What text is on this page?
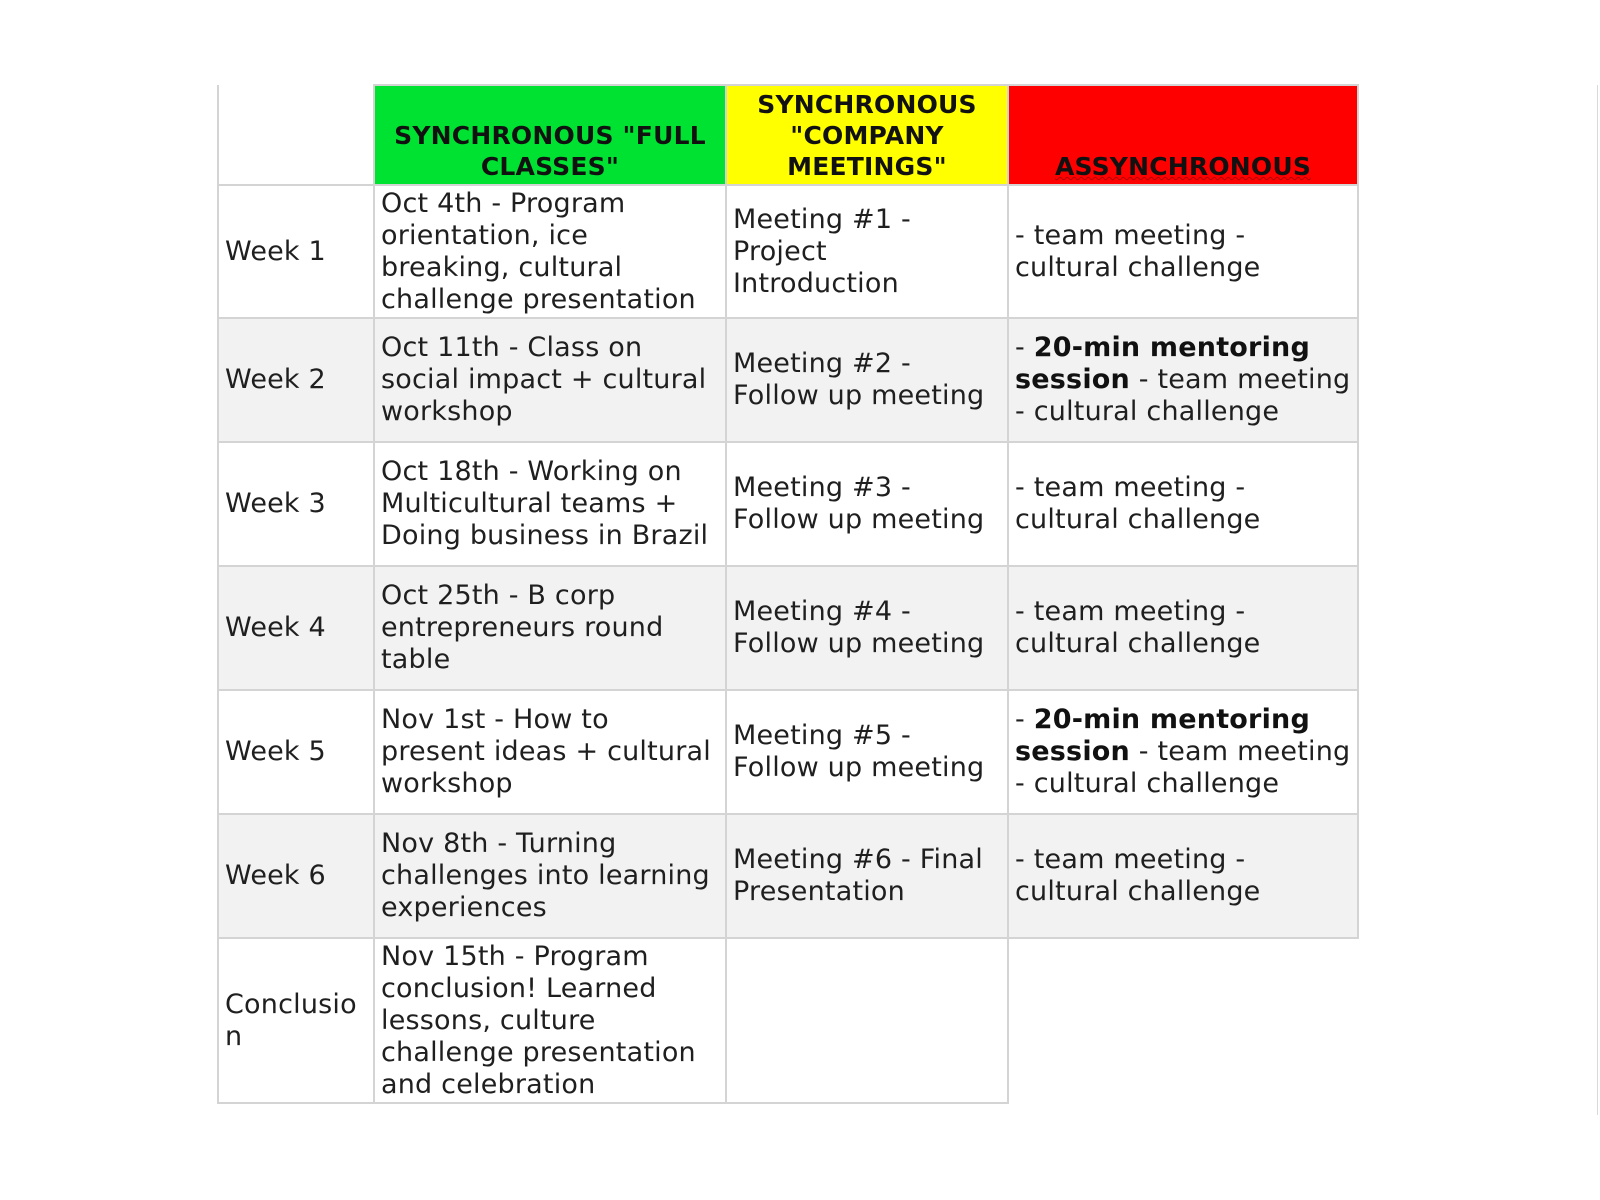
	SYNCHRONOUS "FULL CLASSES"	SYNCHRONOUS "COMPANY MEETINGS"	ASSYNCHRONOUS
Week 1	Oct 4th - Program orientation, ice breaking, cultural challenge presentation	Meeting #1 - Project Introduction	- team meeting - cultural challenge
Week 2	Oct 11th - Class on social impact + cultural workshop	Meeting #2 - Follow up meeting	- 20-min mentoring session - team meeting - cultural challenge
Week 3	Oct 18th - Working on Multicultural teams + Doing business in Brazil	Meeting #3 - Follow up meeting	- team meeting - cultural challenge
Week 4	Oct 25th - B corp entrepreneurs round table	Meeting #4 - Follow up meeting	- team meeting - cultural challenge
Week 5	Nov 1st - How to present ideas + cultural workshop	Meeting #5 - Follow up meeting	- 20-min mentoring session - team meeting - cultural challenge
Week 6	Nov 8th - Turning challenges into learning experiences	Meeting #6 - Final Presentation	- team meeting - cultural challenge
Conclusion	Nov 15th - Program conclusion! Learned lessons, culture challenge presentation and celebration		
